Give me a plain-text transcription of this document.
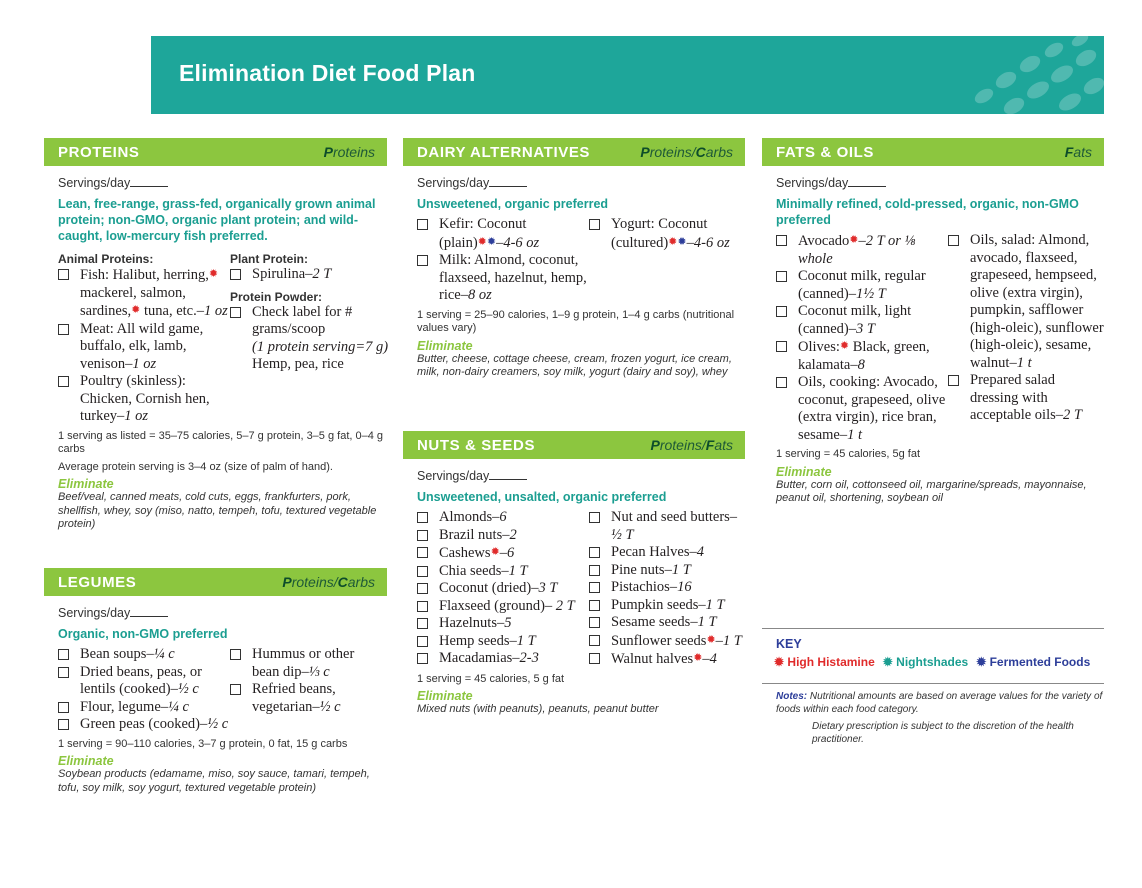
Elimination Diet Food Plan
PROTEINS	Proteins
Servings/day
Lean, free-range, grass-fed, organically grown animal protein; non-GMO, organic plant protein; and wild-caught, low-mercury fish preferred.
Animal Proteins:
Fish: Halibut, herring,✹ mackerel, salmon, sardines,✹ tuna, etc.–1 oz
Meat: All wild game, buffalo, elk, lamb, venison–1 oz
Poultry (skinless): Chicken, Cornish hen, turkey–1 oz
Plant Protein:
Spirulina–2 T
Protein Powder:
Check label for # grams/scoop
(1 protein serving=7 g)
Hemp, pea, rice
1 serving as listed = 35–75 calories, 5–7 g protein, 3–5 g fat, 0–4 g carbs
Average protein serving is 3–4 oz (size of palm of hand).
Eliminate
Beef/veal, canned meats, cold cuts, eggs, frankfurters, pork, shellfish, whey, soy (miso, natto, tempeh, tofu, textured vegetable protein)
LEGUMES	Proteins/Carbs
Servings/day
Organic, non-GMO preferred
Bean soups–¼ c
Dried beans, peas, or lentils (cooked)–½ c
Flour, legume–¼ c
Green peas (cooked)–½ c
Hummus or other bean dip–⅓ c
Refried beans, vegetarian–½ c
1 serving = 90–110 calories, 3–7 g protein, 0 fat, 15 g carbs
Eliminate
Soybean products (edamame, miso, soy sauce, tamari, tempeh, tofu, soy milk, soy yogurt, textured vegetable protein)
DAIRY ALTERNATIVES	Proteins/Carbs
Servings/day
Unsweetened, organic preferred
Kefir: Coconut (plain)✹✹–4-6 oz
Milk: Almond, coconut, flaxseed, hazelnut, hemp, rice–8 oz
Yogurt: Coconut (cultured)✹✹–4-6 oz
1 serving = 25–90 calories, 1–9 g protein, 1–4 g carbs (nutritional values vary)
Eliminate
Butter, cheese, cottage cheese, cream, frozen yogurt, ice cream, milk, non-dairy creamers, soy milk, yogurt (dairy and soy), whey
NUTS & SEEDS	Proteins/Fats
Servings/day
Unsweetened, unsalted, organic preferred
Almonds–6
Brazil nuts–2
Cashews✹–6
Chia seeds–1 T
Coconut (dried)–3 T
Flaxseed (ground)– 2 T
Hazelnuts–5
Hemp seeds–1 T
Macadamias–2-3
Nut and seed butters–½ T
Pecan Halves–4
Pine nuts–1 T
Pistachios–16
Pumpkin seeds–1 T
Sesame seeds–1 T
Sunflower seeds✹–1 T
Walnut halves✹–4
1 serving = 45 calories, 5 g fat
Eliminate
Mixed nuts (with peanuts), peanuts, peanut butter
FATS & OILS	Fats
Servings/day
Minimally refined, cold-pressed, organic, non-GMO preferred
Avocado✹–2 T or ⅛ whole
Coconut milk, regular (canned)–1½ T
Coconut milk, light (canned)–3 T
Olives:✹ Black, green, kalamata–8
Oils, cooking: Avocado, coconut, grapeseed, olive (extra virgin), rice bran, sesame–1 t
Oils, salad: Almond, avocado, flaxseed, grapeseed, hempseed, olive (extra virgin), pumpkin, safflower (high-oleic), sunflower (high-oleic), sesame, walnut–1 t
Prepared salad dressing with acceptable oils–2 T
1 serving = 45 calories, 5g fat
Eliminate
Butter, corn oil, cottonseed oil, margarine/spreads, mayonnaise, peanut oil, shortening, soybean oil
KEY
✹ High Histamine ✹ Nightshades ✹ Fermented Foods
Notes: Nutritional amounts are based on average values for the variety of foods within each food category.
Dietary prescription is subject to the discretion of the health practitioner.
